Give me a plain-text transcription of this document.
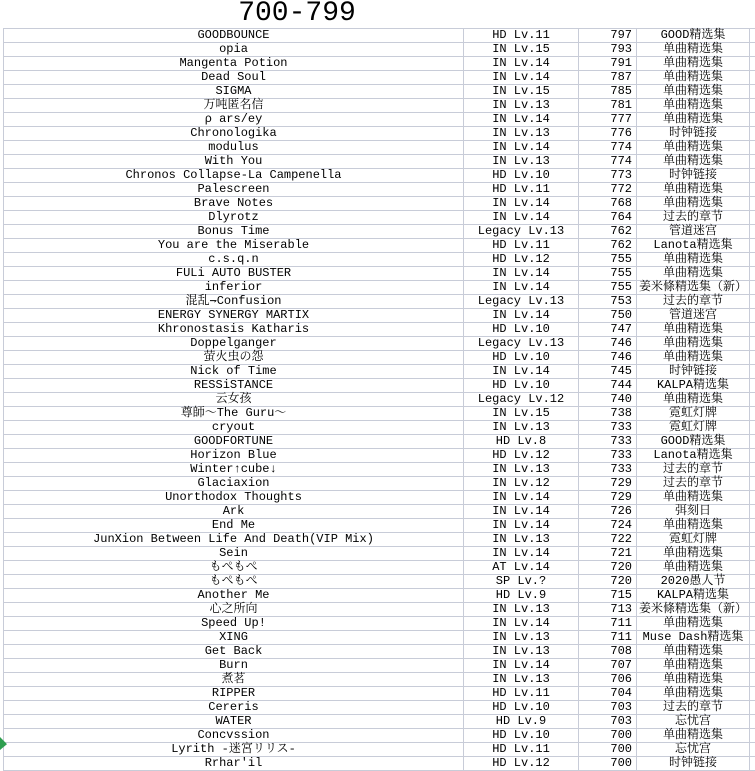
700-799
GOODBOUNCE	HD Lv.11	797	GOOD精选集
opia	IN Lv.15	793	单曲精选集
Mangenta Potion	IN Lv.14	791	单曲精选集
Dead Soul	IN Lv.14	787	单曲精选集
SIGMA	IN Lv.15	785	单曲精选集
万吨匿名信	IN Lv.13	781	单曲精选集
ρ ars/ey	IN Lv.14	777	单曲精选集
Chronologika	IN Lv.13	776	时钟链接
modulus	IN Lv.14	774	单曲精选集
With You	IN Lv.13	774	单曲精选集
Chronos Collapse-La Campenella	HD Lv.10	773	时钟链接
Palescreen	HD Lv.11	772	单曲精选集
Brave Notes	IN Lv.14	768	单曲精选集
Dlyrotz	IN Lv.14	764	过去的章节
Bonus Time	Legacy Lv.13	762	管道迷宫
You are the Miserable	HD Lv.11	762	Lanota精选集
c.s.q.n	HD Lv.12	755	单曲精选集
FULi AUTO BUSTER	IN Lv.14	755	单曲精选集
inferior	IN Lv.14	755 姜米條精选集（新）
混乱⇁Confusion	Legacy Lv.13	753	过去的章节
ENERGY SYNERGY MARTIX	IN Lv.14	750	管道迷宫
Khronostasis Katharis	HD Lv.10	747	单曲精选集
Doppelganger	Legacy Lv.13	746	单曲精选集
萤火虫の怨	HD Lv.10	746	单曲精选集
Nick of Time	IN Lv.14	745	时钟链接
RESSiSTANCE	HD Lv.10	744	KALPA精选集
云女孩	Legacy Lv.12	740	单曲精选集
尊師～The Guru～	IN Lv.15	738	霓虹灯牌
cryout	IN Lv.13	733	霓虹灯牌
GOODFORTUNE	HD Lv.8	733	GOOD精选集
Horizon Blue	HD Lv.12	733	Lanota精选集
Winter↑cube↓	IN Lv.13	733	过去的章节
Glaciaxion	IN Lv.12	729	过去的章节
Unorthodox Thoughts	IN Lv.14	729	单曲精选集
Ark	IN Lv.14	726	弭刻日
End Me	IN Lv.14	724	单曲精选集
JunXion Between Life And Death(VIP Mix)	IN Lv.13	722	霓虹灯牌
Sein	IN Lv.14	721	单曲精选集
もぺもぺ	AT Lv.14	720	单曲精选集
もぺもぺ	SP Lv.?	720	2020愚人节
Another Me	HD Lv.9	715	KALPA精选集
心之所向	IN Lv.13	713 姜米條精选集（新）
Speed Up!	IN Lv.14	711	单曲精选集
XING	IN Lv.13	711 Muse Dash精选集
Get Back	IN Lv.13	708	单曲精选集
Burn	IN Lv.14	707	单曲精选集
煮茗	IN Lv.13	706	单曲精选集
RIPPER	HD Lv.11	704	单曲精选集
Cereris	HD Lv.10	703	过去的章节
WATER	HD Lv.9	703	忘忧宫
Concvssion	HD Lv.10	700	单曲精选集
Lyrith -迷宮リリス-	HD Lv.11	700	忘忧宫
Rrhar'il	HD Lv.12	700	时钟链接
